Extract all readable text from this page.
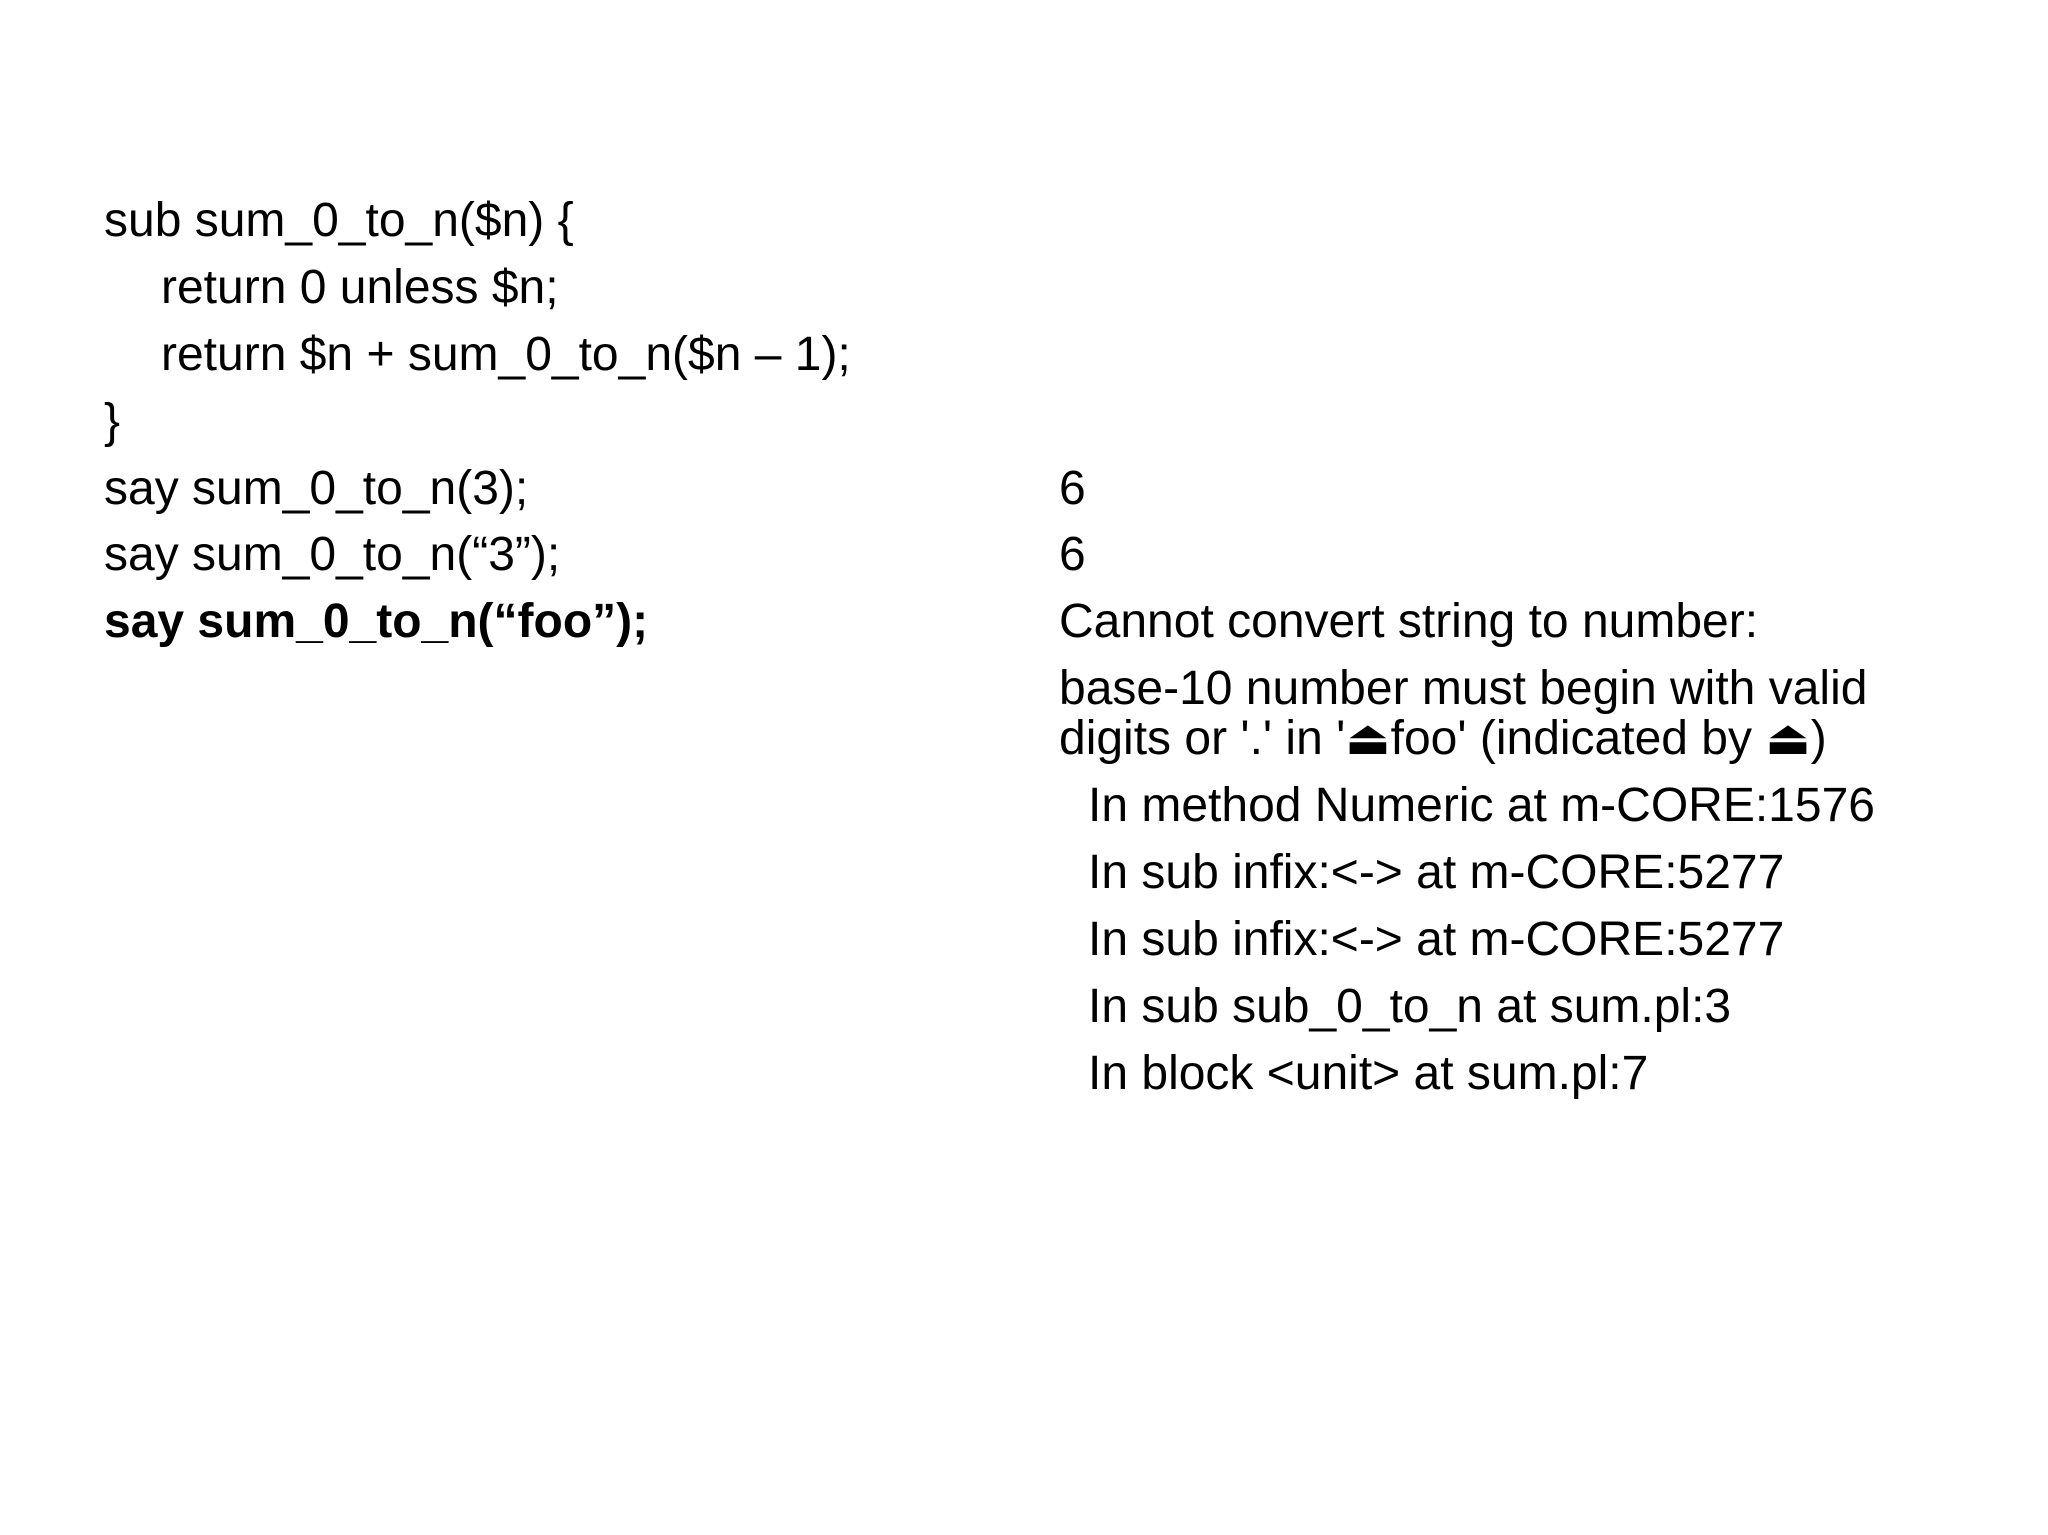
sub sum_0_to_n($n) {
return 0 unless $n;
return $n + sum_0_to_n($n – 1);
}
say sum_0_to_n(3);
say sum_0_to_n(“3”);
say sum_0_to_n(“foo”);
6
6
Cannot convert string to number:
base-10 number must begin with valid
digits or '.' in '⏏foo' (indicated by ⏏)
In method Numeric at m-CORE:1576
In sub infix:<-> at m-CORE:5277
In sub infix:<-> at m-CORE:5277
In sub sub_0_to_n at sum.pl:3
In block <unit> at sum.pl:7
